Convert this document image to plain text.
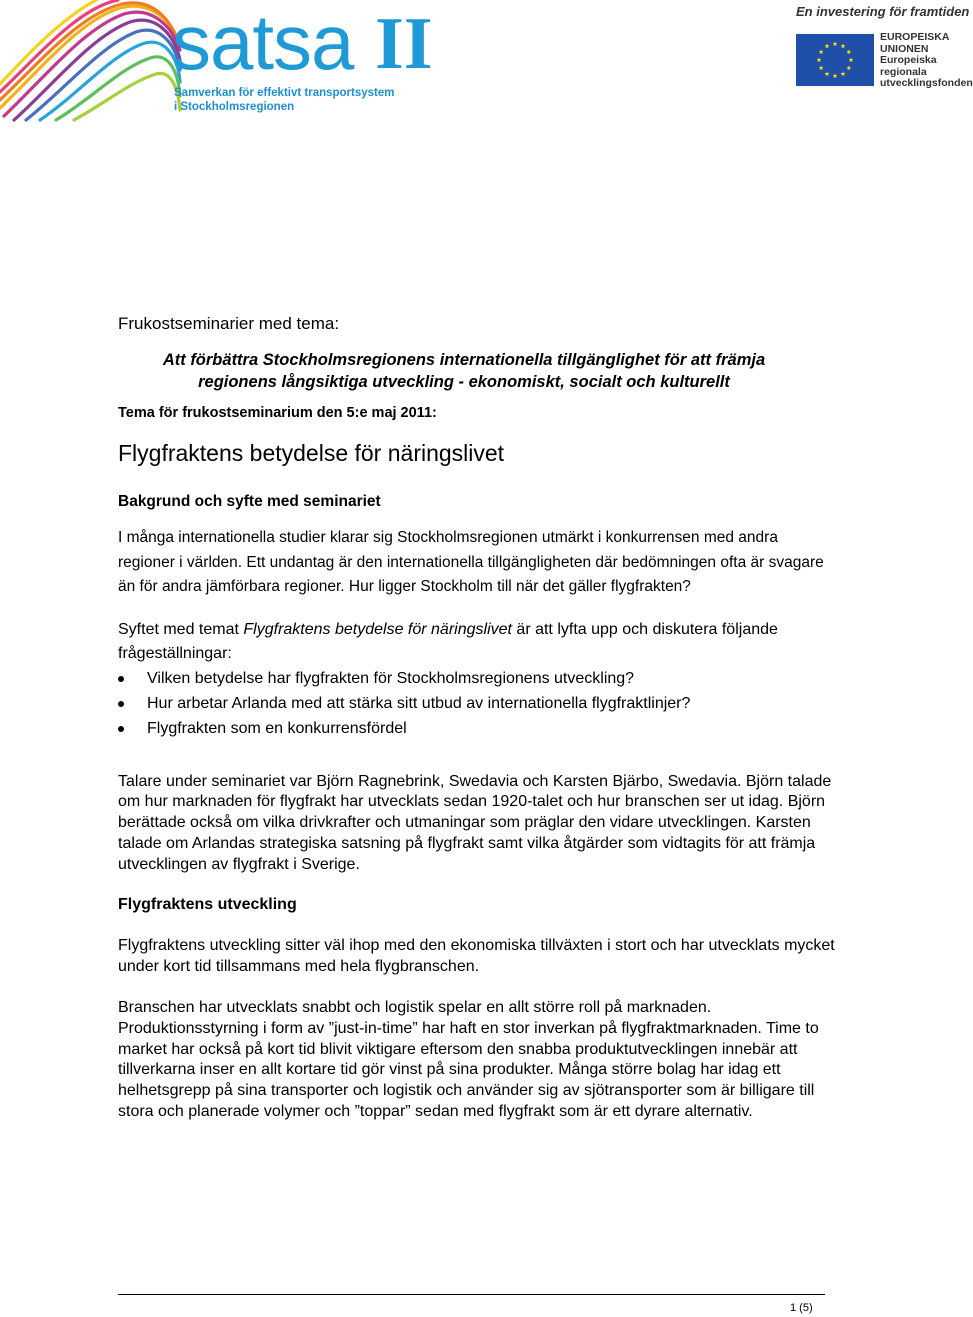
satsa II
Samverkan för effektivt transportsystem
i Stockholmsregionen
En investering för framtiden
EUROPEISKA
UNIONEN
Europeiska
regionala
utvecklingsfonden

Frukostseminarier med tema:

Att förbättra Stockholmsregionens internationella tillgänglighet för att främja
regionens långsiktiga utveckling - ekonomiskt, socialt och kulturellt

Tema för frukostseminarium den 5:e maj 2011:

Flygfraktens betydelse för näringslivet
Bakgrund och syfte med seminariet

I många internationella studier klarar sig Stockholmsregionen utmärkt i konkurrensen med andra regioner i världen. Ett undantag är den internationella tillgängligheten där bedömningen ofta är svagare än för andra jämförbara regioner. Hur ligger Stockholm till när det gäller flygfrakten?

Syftet med temat Flygfraktens betydelse för näringslivet är att lyfta upp och diskutera följande frågeställningar:

Vilken betydelse har flygfrakten för Stockholmsregionens utveckling?
Hur arbetar Arlanda med att stärka sitt utbud av internationella flygfraktlinjer?
Flygfrakten som en konkurrensfördel

Talare under seminariet var Björn Ragnebrink, Swedavia och Karsten Bjärbo, Swedavia. Björn talade om hur marknaden för flygfrakt har utvecklats sedan 1920-talet och hur branschen ser ut idag. Björn berättade också om vilka drivkrafter och utmaningar som präglar den vidare utvecklingen. Karsten talade om Arlandas strategiska satsning på flygfrakt samt vilka åtgärder som vidtagits för att främja utvecklingen av flygfrakt i Sverige.

Flygfraktens utveckling

Flygfraktens utveckling sitter väl ihop med den ekonomiska tillväxten i stort och har utvecklats mycket under kort tid tillsammans med hela flygbranschen.

Branschen har utvecklats snabbt och logistik spelar en allt större roll på marknaden. Produktionsstyrning i form av ”just-in-time” har haft en stor inverkan på flygfraktmarknaden. Time to market har också på kort tid blivit viktigare eftersom den snabba produktutvecklingen innebär att tillverkarna inser en allt kortare tid gör vinst på sina produkter. Många större bolag har idag ett helhetsgrepp på sina transporter och logistik och använder sig av sjötransporter som är billigare till stora och planerade volymer och ”toppar” sedan med flygfrakt som är ett dyrare alternativ.

1 (5)
